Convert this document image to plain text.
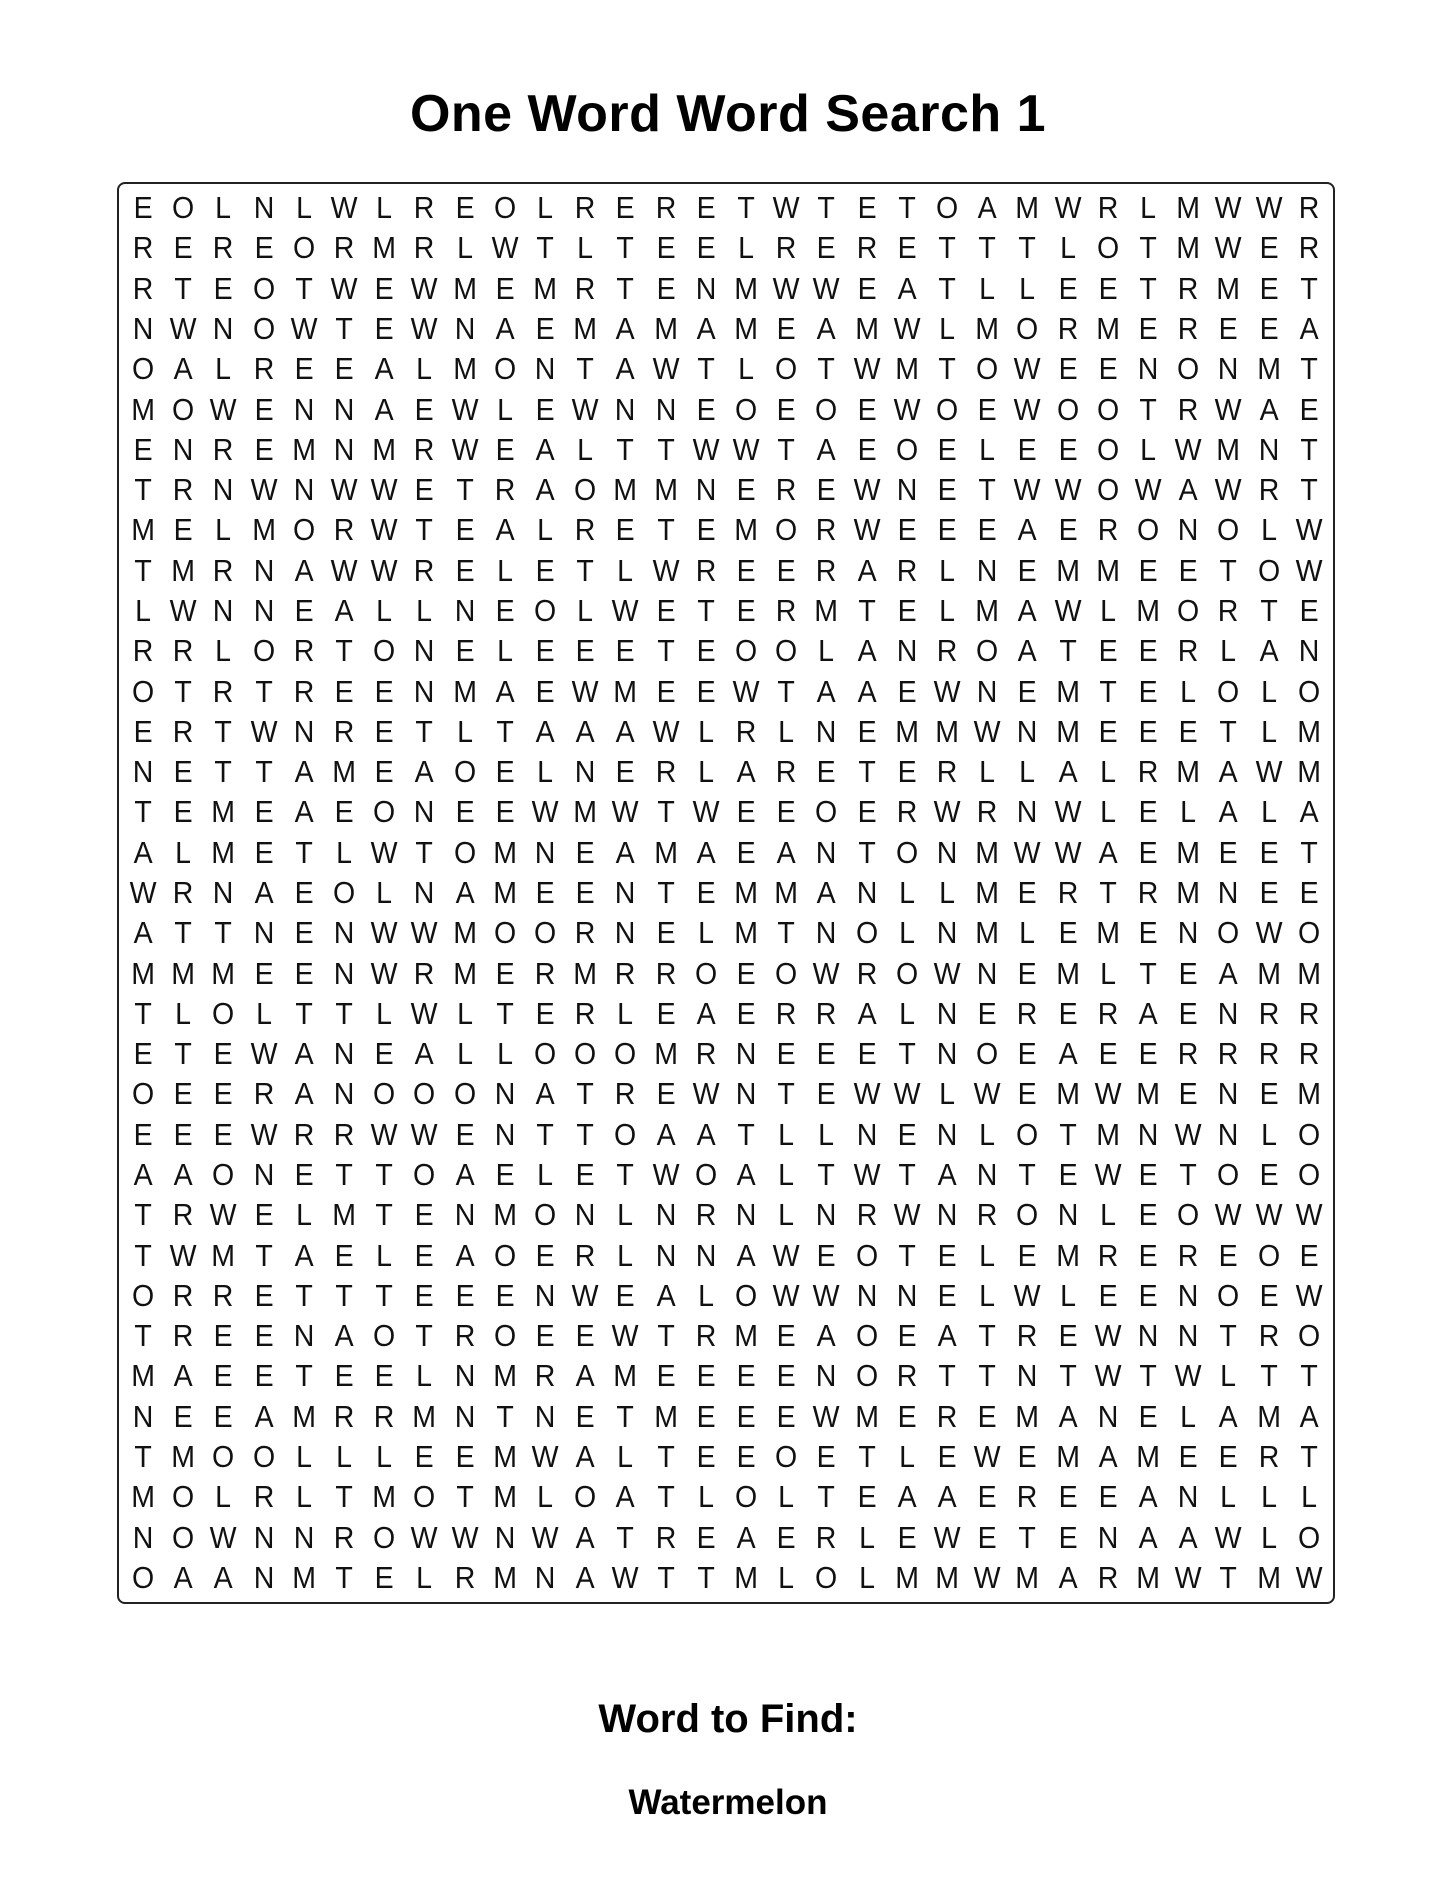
One Word Word Search 1
E O L N L W L R E O L R E R E T W T E T O A M W R L M W W R
R E R E O R M R L W T L T E E L R E R E T T T L O T M W E R
R T E O T W E W M E M R T E N M W W E A T L L E E T R M E T
N W N O W T E W N A E M A M A M E A M W L M O R M E R E E A
O A L R E E A L M O N T A W T L O T W M T O W E E N O N M T
M O W E N N A E W L E W N N E O E O E W O E W O O T R W A E
E N R E M N M R W E A L T T W W T A E O E L E E O L W M N T
T R N W N W W E T R A O M M N E R E W N E T W W O W A W R T
M E L M O R W T E A L R E T E M O R W E E E A E R O N O L W
T M R N A W W R E L E T L W R E E R A R L N E M M E E T O W
L W N N E A L L N E O L W E T E R M T E L M A W L M O R T E
R R L O R T O N E L E E E T E O O L A N R O A T E E R L A N
O T R T R E E N M A E W M E E W T A A E W N E M T E L O L O
E R T W N R E T L T A A A W L R L N E M M W N M E E E T L M
N E T T A M E A O E L N E R L A R E T E R L L A L R M A W M
T E M E A E O N E E W M W T W E E O E R W R N W L E L A L A
A L M E T L W T O M N E A M A E A N T O N M W W A E M E E T
W R N A E O L N A M E E N T E M M A N L L M E R T R M N E E
A T T N E N W W M O O R N E L M T N O L N M L E M E N O W O
M M M E E N W R M E R M R R O E O W R O W N E M L T E A M M
T L O L T T L W L T E R L E A E R R A L N E R E R A E N R R
E T E W A N E A L L O O O M R N E E E T N O E A E E R R R R
O E E R A N O O O N A T R E W N T E W W L W E M W M E N E M
E E E W R R W W E N T T O A A T L L N E N L O T M N W N L O
A A O N E T T O A E L E T W O A L T W T A N T E W E T O E O
T R W E L M T E N M O N L N R N L N R W N R O N L E O W W W
T W M T A E L E A O E R L N N A W E O T E L E M R E R E O E
O R R E T T T E E E N W E A L O W W N N E L W L E E N O E W
T R E E N A O T R O E E W T R M E A O E A T R E W N N T R O
M A E E T E E L N M R A M E E E E N O R T T N T W T W L T T
N E E A M R R M N T N E T M E E E W M E R E M A N E L A M A
T M O O L L L E E M W A L T E E O E T L E W E M A M E E R T
M O L R L T M O T M L O A T L O L T E A A E R E E A N L L L
N O W N N R O W W N W A T R E A E R L E W E T E N A A W L O
O A A N M T E L R M N A W T T M L O L M M W M A R M W T M W
Word to Find:
Watermelon
